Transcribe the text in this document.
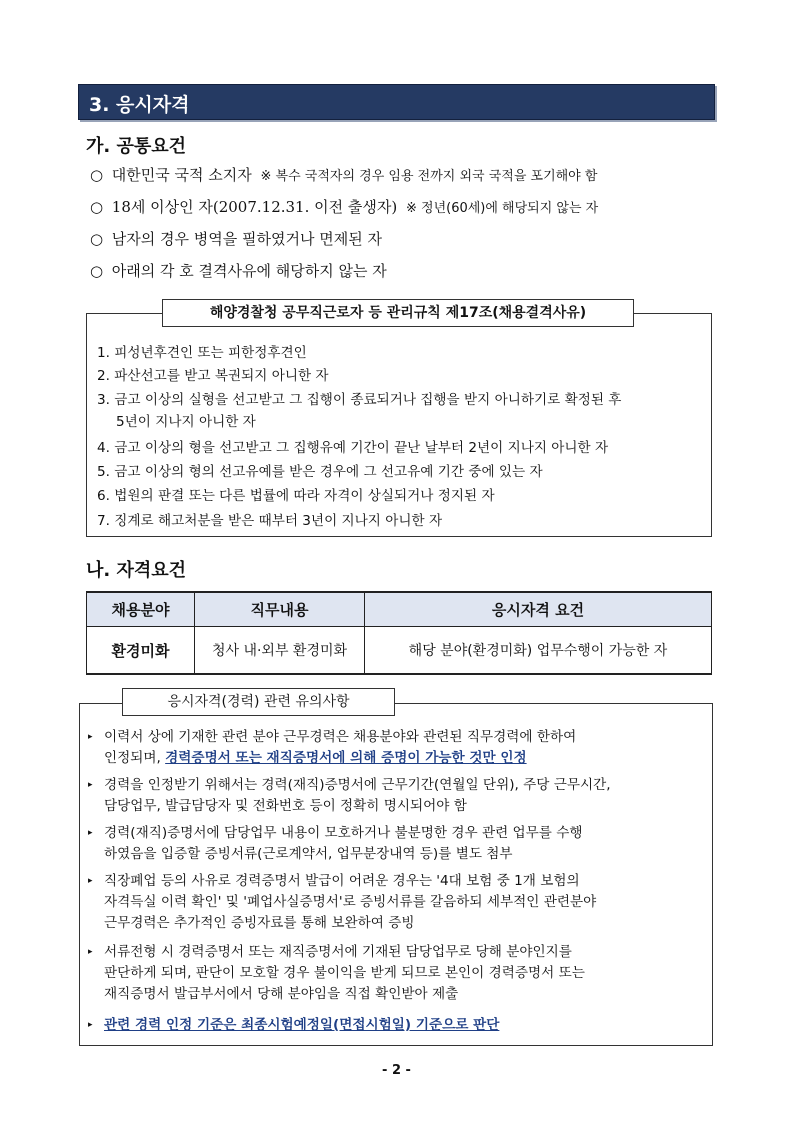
3. 응시자격
가. 공통요건
○ 대한민국 국적 소지자 ※ 복수 국적자의 경우 임용 전까지 외국 국적을 포기해야 함
○ 18세 이상인 자(2007.12.31. 이전 출생자) ※ 정년(60세)에 해당되지 않는 자
○ 남자의 경우 병역을 필하였거나 면제된 자
○ 아래의 각 호 결격사유에 해당하지 않는 자
해양경찰청 공무직근로자 등 관리규칙 제17조(채용결격사유)
1. 피성년후견인 또는 피한정후견인
2. 파산선고를 받고 복권되지 아니한 자
3. 금고 이상의 실형을 선고받고 그 집행이 종료되거나 집행을 받지 아니하기로 확정된 후
5년이 지나지 아니한 자
4. 금고 이상의 형을 선고받고 그 집행유예 기간이 끝난 날부터 2년이 지나지 아니한 자
5. 금고 이상의 형의 선고유예를 받은 경우에 그 선고유예 기간 중에 있는 자
6. 법원의 판결 또는 다른 법률에 따라 자격이 상실되거나 정지된 자
7. 징계로 해고처분을 받은 때부터 3년이 지나지 아니한 자
나. 자격요건
채용분야	직무내용	응시자격 요건
환경미화	청사 내·외부 환경미화	해당 분야(환경미화) 업무수행이 가능한 자
응시자격(경력) 관련 유의사항
▸ 이력서 상에 기재한 관련 분야 근무경력은 채용분야와 관련된 직무경력에 한하여
인정되며, 경력증명서 또는 재직증명서에 의해 증명이 가능한 것만 인정
▸ 경력을 인정받기 위해서는 경력(재직)증명서에 근무기간(연월일 단위), 주당 근무시간,
담당업무, 발급담당자 및 전화번호 등이 정확히 명시되어야 함
▸ 경력(재직)증명서에 담당업무 내용이 모호하거나 불분명한 경우 관련 업무를 수행
하였음을 입증할 증빙서류(근로계약서, 업무분장내역 등)를 별도 첨부
▸ 직장폐업 등의 사유로 경력증명서 발급이 어려운 경우는 '4대 보험 중 1개 보험의
자격득실 이력 확인' 및 '폐업사실증명서'로 증빙서류를 갈음하되 세부적인 관련분야
근무경력은 추가적인 증빙자료를 통해 보완하여 증빙
▸ 서류전형 시 경력증명서 또는 재직증명서에 기재된 담당업무로 당해 분야인지를
판단하게 되며, 판단이 모호할 경우 불이익을 받게 되므로 본인이 경력증명서 또는
재직증명서 발급부서에서 당해 분야임을 직접 확인받아 제출
▸ 관련 경력 인정 기준은 최종시험예정일(면접시험일) 기준으로 판단
- 2 -
